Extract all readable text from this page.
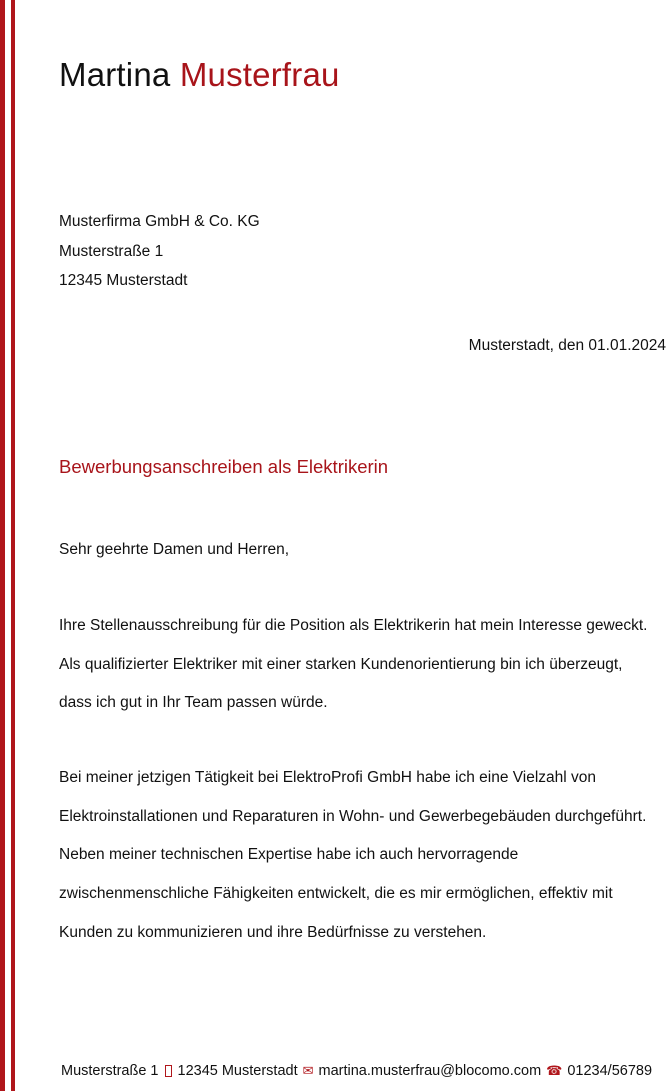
Martina Musterfrau
Musterfirma GmbH & Co. KG
Musterstraße 1
12345 Musterstadt
Musterstadt, den 01.01.2024
Bewerbungsanschreiben als Elektrikerin
Sehr geehrte Damen und Herren,

Ihre Stellenausschreibung für die Position als Elektrikerin hat mein Interesse geweckt. Als qualifizierter Elektriker mit einer starken Kundenorientierung bin ich überzeugt, dass ich gut in Ihr Team passen würde.

Bei meiner jetzigen Tätigkeit bei ElektroProfi GmbH habe ich eine Vielzahl von Elektroinstallationen und Reparaturen in Wohn- und Gewerbegebäuden durchgeführt. Neben meiner technischen Expertise habe ich auch hervorragende zwischenmenschliche Fähigkeiten entwickelt, die es mir ermöglichen, effektiv mit Kunden zu kommunizieren und ihre Bedürfnisse zu verstehen.

Musterstraße 1 12345 Musterstadt ✉ martina.musterfrau@blocomo.com ☎ 01234/56789
